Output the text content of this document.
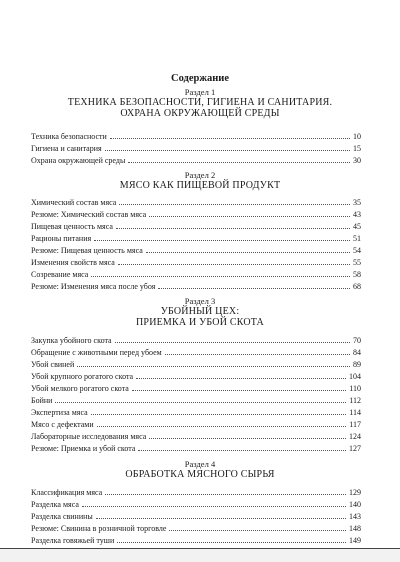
Содержание
Раздел 1
ТЕХНИКА БЕЗОПАСНОСТИ, ГИГИЕНА И САНИТАРИЯ.
ОХРАНА ОКРУЖАЮЩЕЙ СРЕДЫ
Техника безопасности	10
Гигиена и санитария	15
Охрана окружающей среды	30
Раздел 2
МЯСО КАК ПИЩЕВОЙ ПРОДУКТ
Химический состав мяса	35
Резюме: Химический состав мяса	43
Пищевая ценность мяса	45
Рационы питания	51
Резюме: Пищевая ценность мяса	54
Изменения свойств мяса	55
Созревание мяса	58
Резюме: Изменения мяса после убоя	68
Раздел 3
УБОЙНЫЙ ЦЕХ:
ПРИЕМКА И УБОЙ СКОТА
Закупка убойного скота	70
Обращение с животными перед убоем	84
Убой свиней	89
Убой крупного рогатого скота	104
Убой мелкого рогатого скота	110
Бойни	112
Экспертиза мяса	114
Мясо с дефектами	117
Лабораторные исследования мяса	124
Резюме: Приемка и убой скота	127
Раздел 4
ОБРАБОТКА МЯСНОГО СЫРЬЯ
Классификация мяса	129
Разделка мяса	140
Разделка свинины	143
Резюме: Свинина в розничной торговле	148
Разделка говяжьей туши	149
